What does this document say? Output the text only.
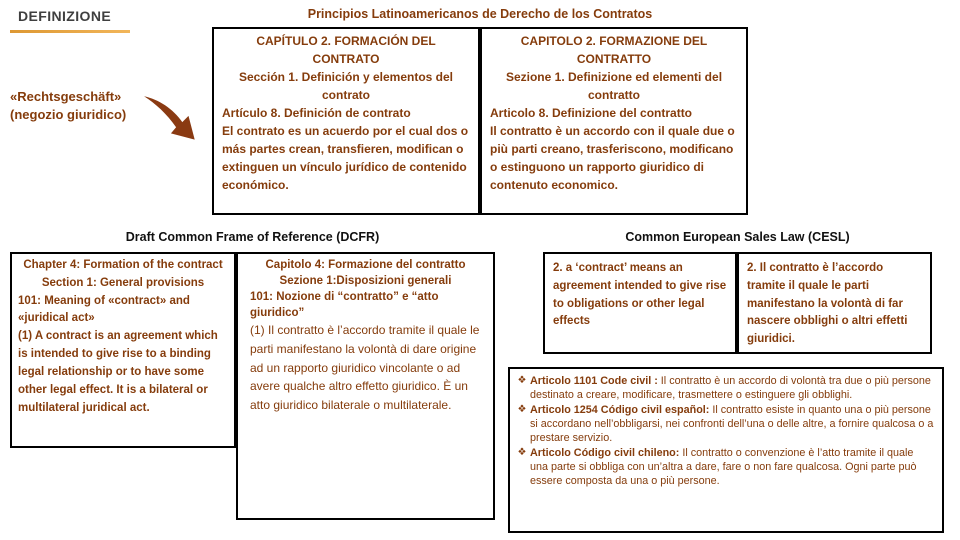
DEFINIZIONE
«Rechtsgeschäft»
(negozio giuridico)
Principios Latinoamericanos de Derecho de los Contratos
CAPÍTULO 2. FORMACIÓN DEL CONTRATO
Sección 1. Definición y elementos del contrato
Artículo 8. Definición de contrato
El contrato es un acuerdo por el cual dos o más partes crean, transfieren, modifican o extinguen un vínculo jurídico de contenido económico.
CAPITOLO 2. FORMAZIONE DEL CONTRATTO
Sezione 1. Definizione ed elementi del contratto
Articolo 8. Definizione del contratto
Il contratto è un accordo con il quale due o più parti creano, trasferiscono, modificano o estinguono un rapporto giuridico di contenuto economico.
Draft Common Frame of Reference (DCFR)
Chapter 4: Formation of the contract
Section 1: General provisions
101: Meaning of «contract» and «juridical act»
(1) A contract is an agreement which is intended to give rise to a binding legal relationship or to have some other legal effect. It is a bilateral or multilateral juridical act.
Capitolo 4: Formazione del contratto
Sezione 1:Disposizioni generali
101: Nozione di “contratto” e “atto giuridico”
(1) Il contratto è l’accordo tramite il quale le parti manifestano la volontà di dare origine ad un rapporto giuridico vincolante o ad avere qualche altro effetto giuridico. È un atto giuridico bilaterale o multilaterale.
Common European Sales Law (CESL)
2. a ‘contract’ means an agreement intended to give rise to obligations or other legal effects
2. Il contratto è l’accordo tramite il quale le parti manifestano la volontà di far nascere obblighi o altri effetti giuridici.
❖ Articolo 1101 Code civil : Il contratto è un accordo di volontà tra due o più persone destinato a creare, modificare, trasmettere o estinguere gli obblighi.
❖ Articolo 1254 Código civil español: Il contratto esiste in quanto una o più persone si accordano nell’obbligarsi, nei confronti dell’una o delle altre, a fornire qualcosa o a prestare servizio.
❖ Articolo Código civil chileno: Il contratto o convenzione è l’atto tramite il quale una parte si obbliga con un’altra a dare, fare o non fare qualcosa. Ogni parte può essere composta da una o più persone.
